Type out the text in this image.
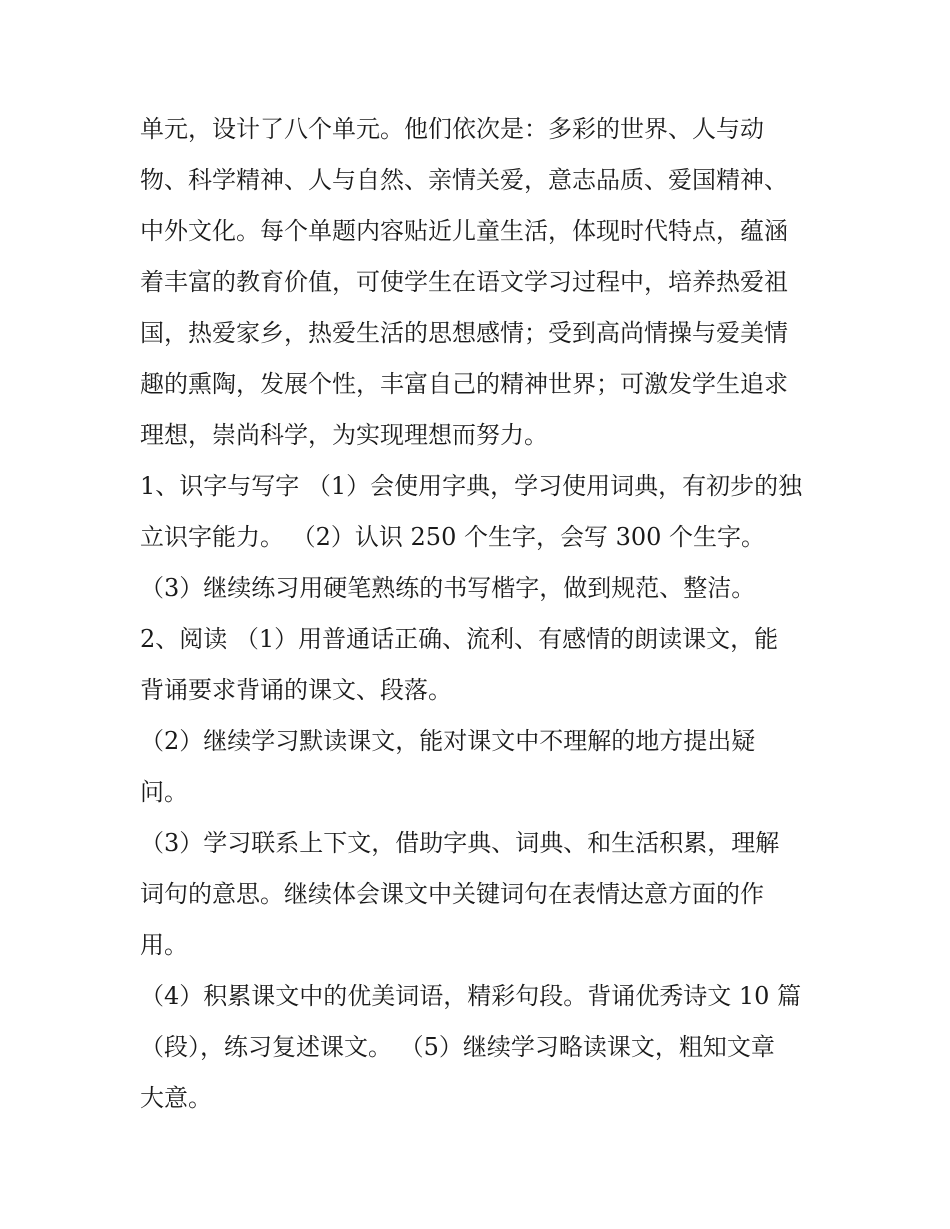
单元，设计了八个单元。他们依次是：多彩的世界、人与动
物、科学精神、人与自然、亲情关爱，意志品质、爱国精神、
中外文化。每个单题内容贴近儿童生活，体现时代特点，蕴涵
着丰富的教育价值，可使学生在语文学习过程中，培养热爱祖
国，热爱家乡，热爱生活的思想感情；受到高尚情操与爱美情
趣的熏陶，发展个性，丰富自己的精神世界；可激发学生追求
理想，崇尚科学，为实现理想而努力。
1、识字与写字 （1）会使用字典，学习使用词典，有初步的独
立识字能力。 （2）认识 250 个生字，会写 300 个生字。
（3）继续练习用硬笔熟练的书写楷字，做到规范、整洁。
2、阅读 （1）用普通话正确、流利、有感情的朗读课文，能
背诵要求背诵的课文、段落。
（2）继续学习默读课文，能对课文中不理解的地方提出疑
问。
（3）学习联系上下文，借助字典、词典、和生活积累，理解
词句的意思。继续体会课文中关键词句在表情达意方面的作
用。
（4）积累课文中的优美词语，精彩句段。背诵优秀诗文 10 篇
（段），练习复述课文。 （5）继续学习略读课文，粗知文章
大意。
